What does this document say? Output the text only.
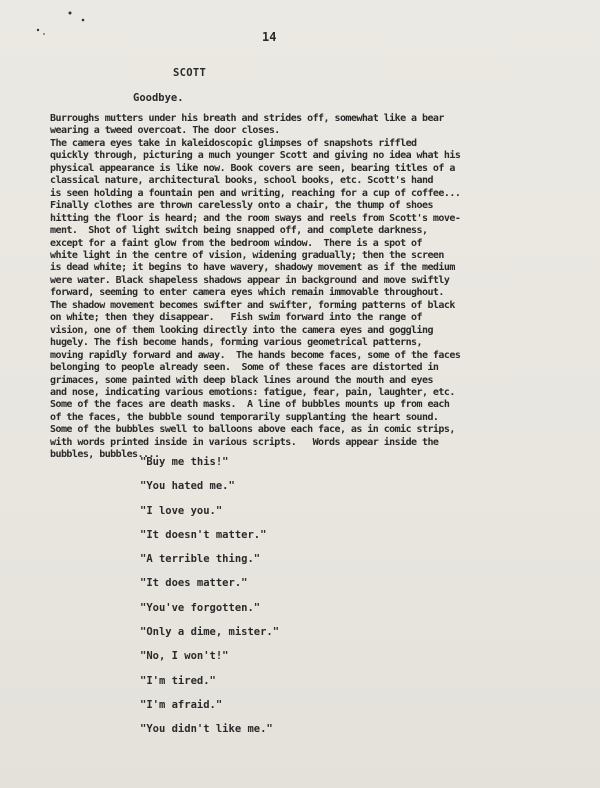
14
SCOTT
Goodbye.
Burroughs mutters under his breath and strides off, somewhat like a bear
wearing a tweed overcoat. The door closes.
The camera eyes take in kaleidoscopic glimpses of snapshots riffled
quickly through, picturing a much younger Scott and giving no idea what his
physical appearance is like now. Book covers are seen, bearing titles of a
classical nature, architectural books, school books, etc. Scott's hand
is seen holding a fountain pen and writing, reaching for a cup of coffee...
Finally clothes are thrown carelessly onto a chair, the thump of shoes
hitting the floor is heard; and the room sways and reels from Scott's move-
ment.  Shot of light switch being snapped off, and complete darkness,
except for a faint glow from the bedroom window.  There is a spot of
white light in the centre of vision, widening gradually; then the screen
is dead white; it begins to have wavery, shadowy movement as if the medium
were water. Black shapeless shadows appear in background and move swiftly
forward, seeming to enter camera eyes which remain immovable throughout.
The shadow movement becomes swifter and swifter, forming patterns of black
on white; then they disappear.   Fish swim forward into the range of
vision, one of them looking directly into the camera eyes and goggling
hugely. The fish become hands, forming various geometrical patterns,
moving rapidly forward and away.  The hands become faces, some of the faces
belonging to people already seen.  Some of these faces are distorted in
grimaces, some painted with deep black lines around the mouth and eyes
and nose, indicating various emotions: fatigue, fear, pain, laughter, etc.
Some of the faces are death masks.  A line of bubbles mounts up from each
of the faces, the bubble sound temporarily supplanting the heart sound.
Some of the bubbles swell to balloons above each face, as in comic strips,
with words printed inside in various scripts.   Words appear inside the
bubbles, bubbles....
"Buy me this!"
"You hated me."
"I love you."
"It doesn't matter."
"A terrible thing."
"It does matter."
"You've forgotten."
"Only a dime, mister."
"No, I won't!"
"I'm tired."
"I'm afraid."
"You didn't like me."
